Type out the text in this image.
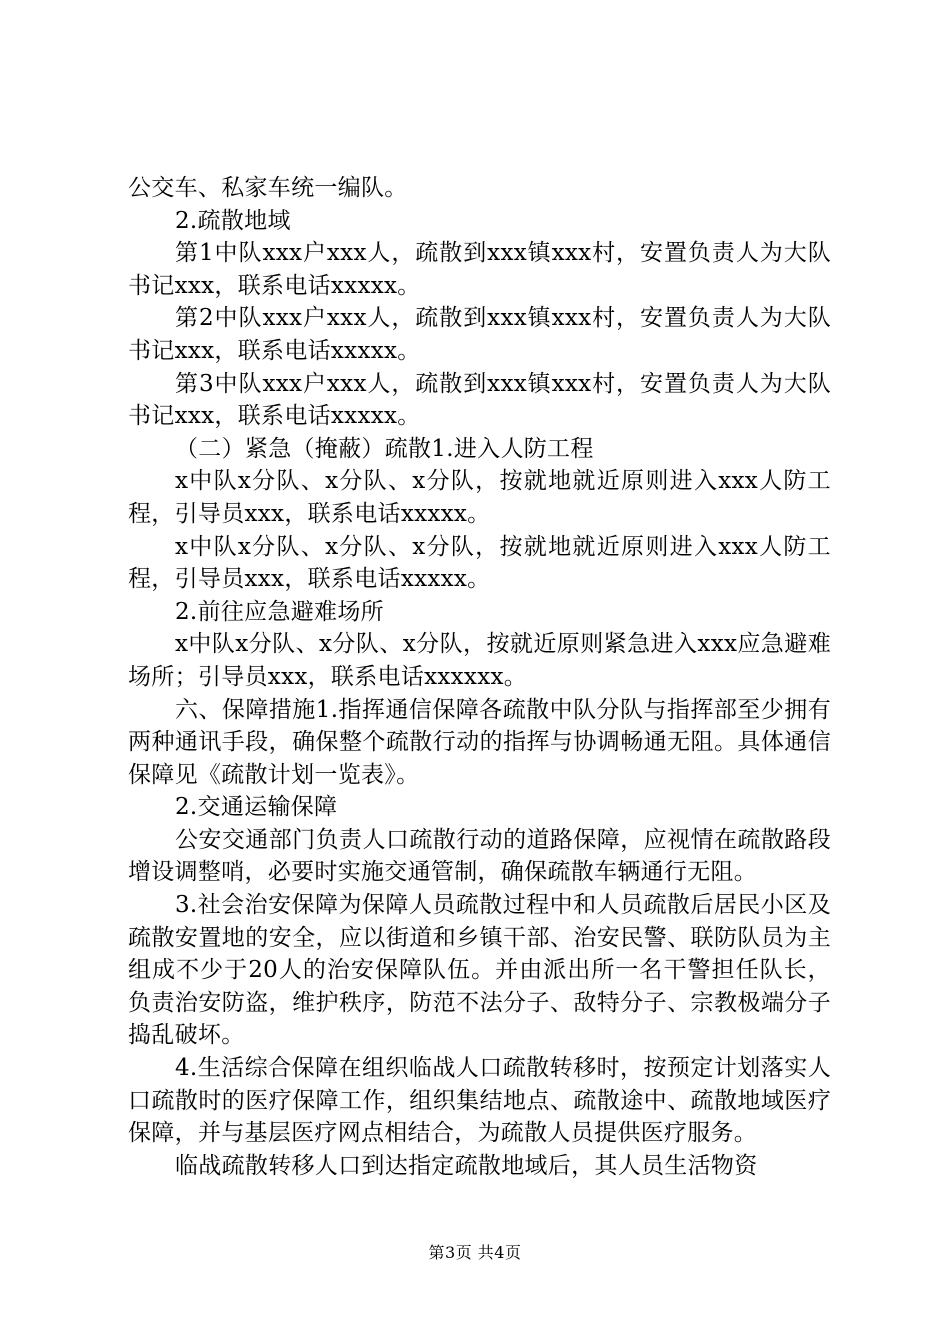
公交车、私家车统一编队。

2.疏散地域

第1中队xxx户xxx人，疏散到xxx镇xxx村，安置负责人为大队书记xxx，联系电话xxxxx。

第2中队xxx户xxx人，疏散到xxx镇xxx村，安置负责人为大队书记xxx，联系电话xxxxx。

第3中队xxx户xxx人，疏散到xxx镇xxx村，安置负责人为大队书记xxx，联系电话xxxxx。

（二）紧急（掩蔽）疏散1.进入人防工程

x中队x分队、x分队、x分队，按就地就近原则进入xxx人防工程，引导员xxx，联系电话xxxxx。

x中队x分队、x分队、x分队，按就地就近原则进入xxx人防工程，引导员xxx，联系电话xxxxx。

2.前往应急避难场所

x中队x分队、x分队、x分队，按就近原则紧急进入xxx应急避难场所；引导员xxx，联系电话xxxxxx。

六、保障措施1.指挥通信保障各疏散中队分队与指挥部至少拥有两种通讯手段，确保整个疏散行动的指挥与协调畅通无阻。具体通信保障见《疏散计划一览表》。

2.交通运输保障

公安交通部门负责人口疏散行动的道路保障，应视情在疏散路段增设调整哨，必要时实施交通管制，确保疏散车辆通行无阻。

3.社会治安保障为保障人员疏散过程中和人员疏散后居民小区及疏散安置地的安全，应以街道和乡镇干部、治安民警、联防队员为主组成不少于20人的治安保障队伍。并由派出所一名干警担任队长，负责治安防盗，维护秩序，防范不法分子、敌特分子、宗教极端分子捣乱破坏。

4.生活综合保障在组织临战人口疏散转移时，按预定计划落实人口疏散时的医疗保障工作，组织集结地点、疏散途中、疏散地域医疗保障，并与基层医疗网点相结合，为疏散人员提供医疗服务。

临战疏散转移人口到达指定疏散地域后，其人员生活物资

第3页 共4页
